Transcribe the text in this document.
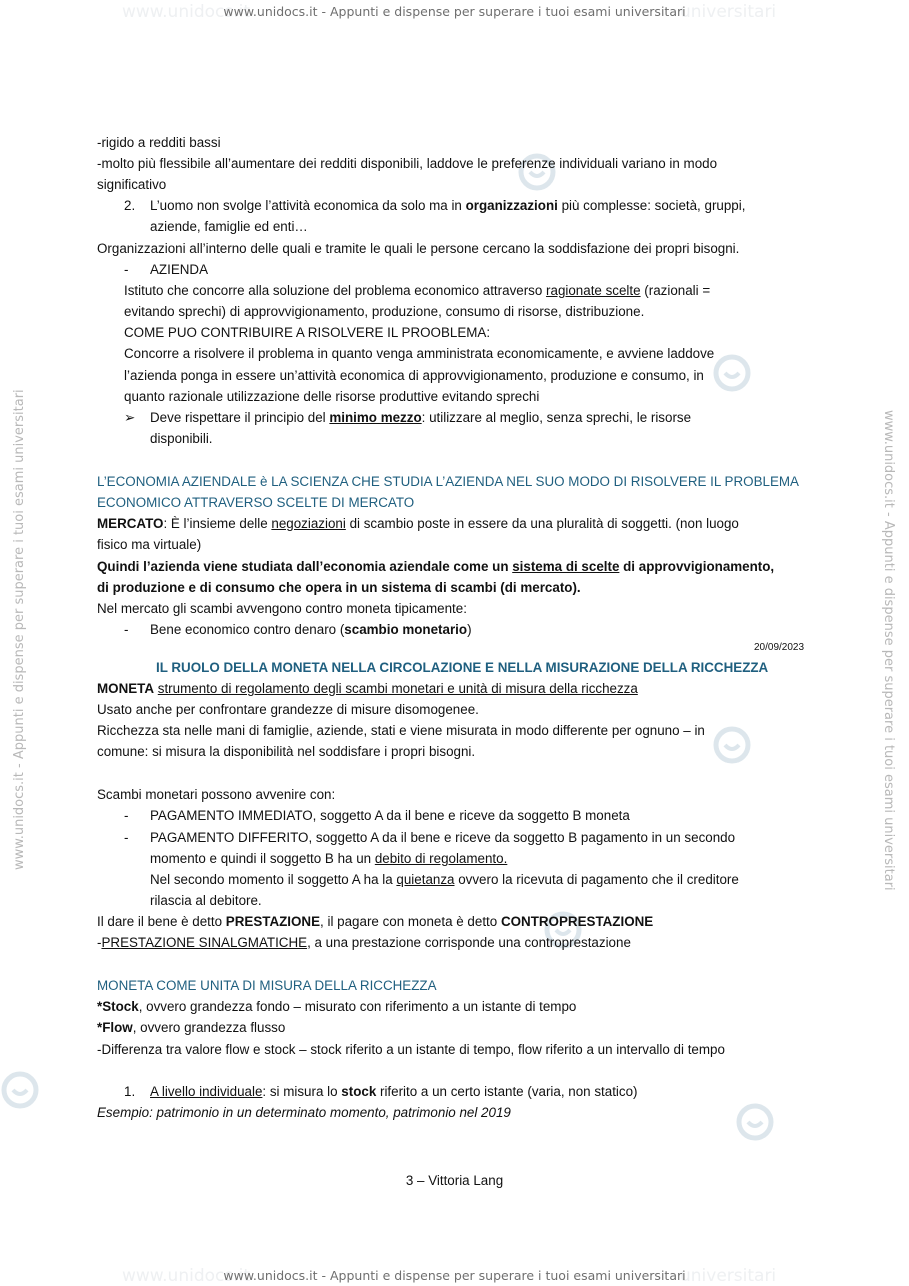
www.unidocs.it	universitari
www.unidocs.it - Appunti e dispense per superare i tuoi esami universitari
www.unidocs.it	universitari
www.unidocs.it - Appunti e dispense per superare i tuoi esami universitari
www.unidocs.it - Appunti e dispense per superare i tuoi esami universitari	www.unidocs.it - Appunti e dispense per superare i tuoi esami universitari
-rigido a redditi bassi
-molto più flessibile all’aumentare dei redditi disponibili, laddove le preferenze individuali variano in modo
significativo
2. L’uomo non svolge l’attività economica da solo ma in organizzazioni più complesse: società, gruppi,
aziende, famiglie ed enti…
Organizzazioni all’interno delle quali e tramite le quali le persone cercano la soddisfazione dei propri bisogni.
- AZIENDA
Istituto che concorre alla soluzione del problema economico attraverso ragionate scelte (razionali =
evitando sprechi) di approvvigionamento, produzione, consumo di risorse, distribuzione.
COME PUO CONTRIBUIRE A RISOLVERE IL PROOBLEMA:
Concorre a risolvere il problema in quanto venga amministrata economicamente, e avviene laddove
l’azienda ponga in essere un’attività economica di approvvigionamento, produzione e consumo, in
quanto razionale utilizzazione delle risorse produttive evitando sprechi
➢ Deve rispettare il principio del minimo mezzo: utilizzare al meglio, senza sprechi, le risorse
disponibili.
L’ECONOMIA AZIENDALE è LA SCIENZA CHE STUDIA L’AZIENDA NEL SUO MODO DI RISOLVERE IL PROBLEMA
ECONOMICO ATTRAVERSO SCELTE DI MERCATO
MERCATO: È l’insieme delle negoziazioni di scambio poste in essere da una pluralità di soggetti. (non luogo
fisico ma virtuale)
Quindi l’azienda viene studiata dall’economia aziendale come un sistema di scelte di approvvigionamento,
di produzione e di consumo che opera in un sistema di scambi (di mercato).
Nel mercato gli scambi avvengono contro moneta tipicamente:
- Bene economico contro denaro (scambio monetario)
20/09/2023
IL RUOLO DELLA MONETA NELLA CIRCOLAZIONE E NELLA MISURAZIONE DELLA RICCHEZZA
MONETA strumento di regolamento degli scambi monetari e unità di misura della ricchezza
Usato anche per confrontare grandezze di misure disomogenee.
Ricchezza sta nelle mani di famiglie, aziende, stati e viene misurata in modo differente per ognuno – in
comune: si misura la disponibilità nel soddisfare i propri bisogni.
Scambi monetari possono avvenire con:
- PAGAMENTO IMMEDIATO, soggetto A da il bene e riceve da soggetto B moneta
- PAGAMENTO DIFFERITO, soggetto A da il bene e riceve da soggetto B pagamento in un secondo
momento e quindi il soggetto B ha un debito di regolamento.
Nel secondo momento il soggetto A ha la quietanza ovvero la ricevuta di pagamento che il creditore
rilascia al debitore.
Il dare il bene è detto PRESTAZIONE, il pagare con moneta è detto CONTROPRESTAZIONE
-PRESTAZIONE SINALGMATICHE, a una prestazione corrisponde una controprestazione
MONETA COME UNITA DI MISURA DELLA RICCHEZZA
*Stock, ovvero grandezza fondo – misurato con riferimento a un istante di tempo
*Flow, ovvero grandezza flusso
-Differenza tra valore flow e stock – stock riferito a un istante di tempo, flow riferito a un intervallo di tempo
1. A livello individuale: si misura lo stock riferito a un certo istante (varia, non statico)
Esempio: patrimonio in un determinato momento, patrimonio nel 2019
3 – Vittoria Lang
